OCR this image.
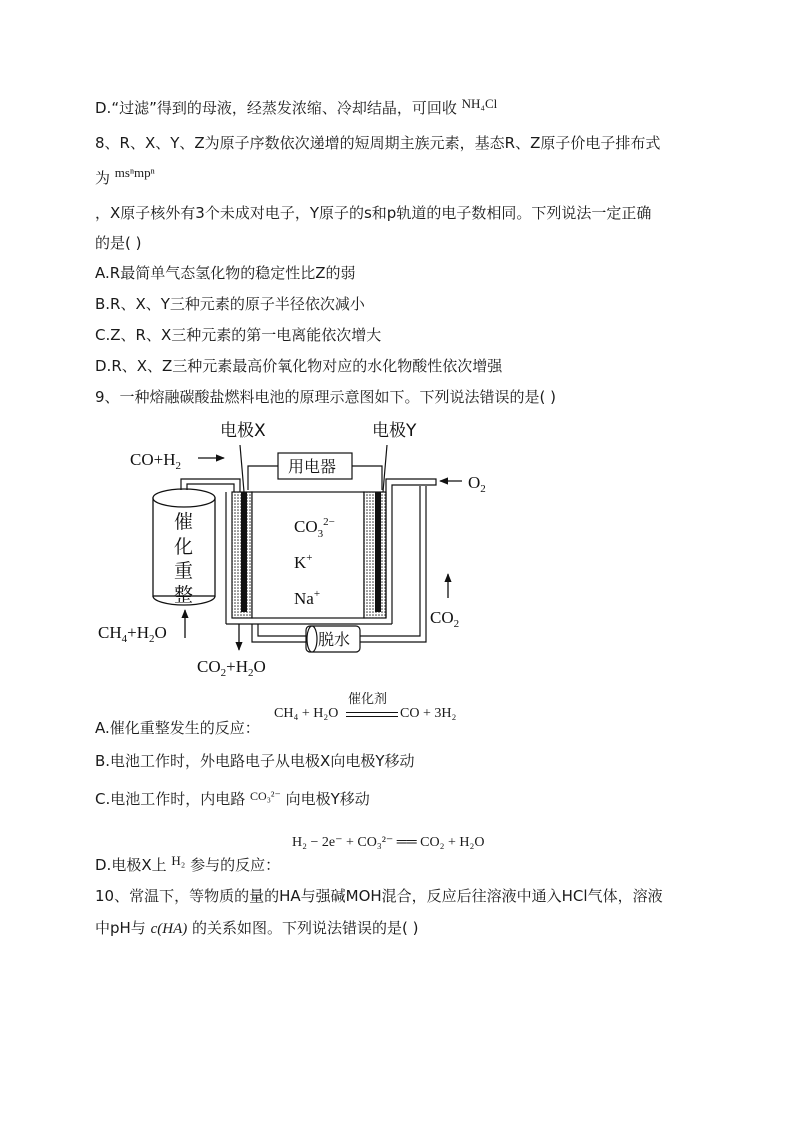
D.“过滤”得到的母液，经蒸发浓缩、冷却结晶，可回收 NH₄Cl
8、R、X、Y、Z为原子序数依次递增的短周期主族元素，基态R、Z原子价电子排布式
为 msⁿmpⁿ
，X原子核外有3个未成对电子，Y原子的s和p轨道的电子数相同。下列说法一定正确
的是( )
A.R最简单气态氢化物的稳定性比Z的弱
B.R、X、Y三种元素的原子半径依次减小
C.Z、R、X三种元素的第一电离能依次增大
D.R、X、Z三种元素最高价氧化物对应的水化物酸性依次增强
9、一种熔融碳酸盐燃料电池的原理示意图如下。下列说法错误的是( )
电极X	电极Y
$CO+H_2$	用电器
催
化
重
整
$CH_4+H_2O$
$CO_3^{2-}$
K+
Na+
$O_2$
脱水
$CO_2$
$CO_2+H_2O$
A.催化重整发生的反应：
催化剂
CH₄ + H₂O	CO + 3H₂
B.电池工作时，外电路电子从电极X向电极Y移动
C.电池工作时，内电路 $^{CO_3^{2-}}$ 向电极Y移动
H₂ − 2e⁻ + CO₃²⁻ ══ CO₂ + H₂O
D.电极X上 H₂ 参与的反应：
10、常温下，等物质的量的HA与强碱MOH混合，反应后往溶液中通入HCl气体，溶液
中pH与 c(HA) 的关系如图。下列说法错误的是( )
